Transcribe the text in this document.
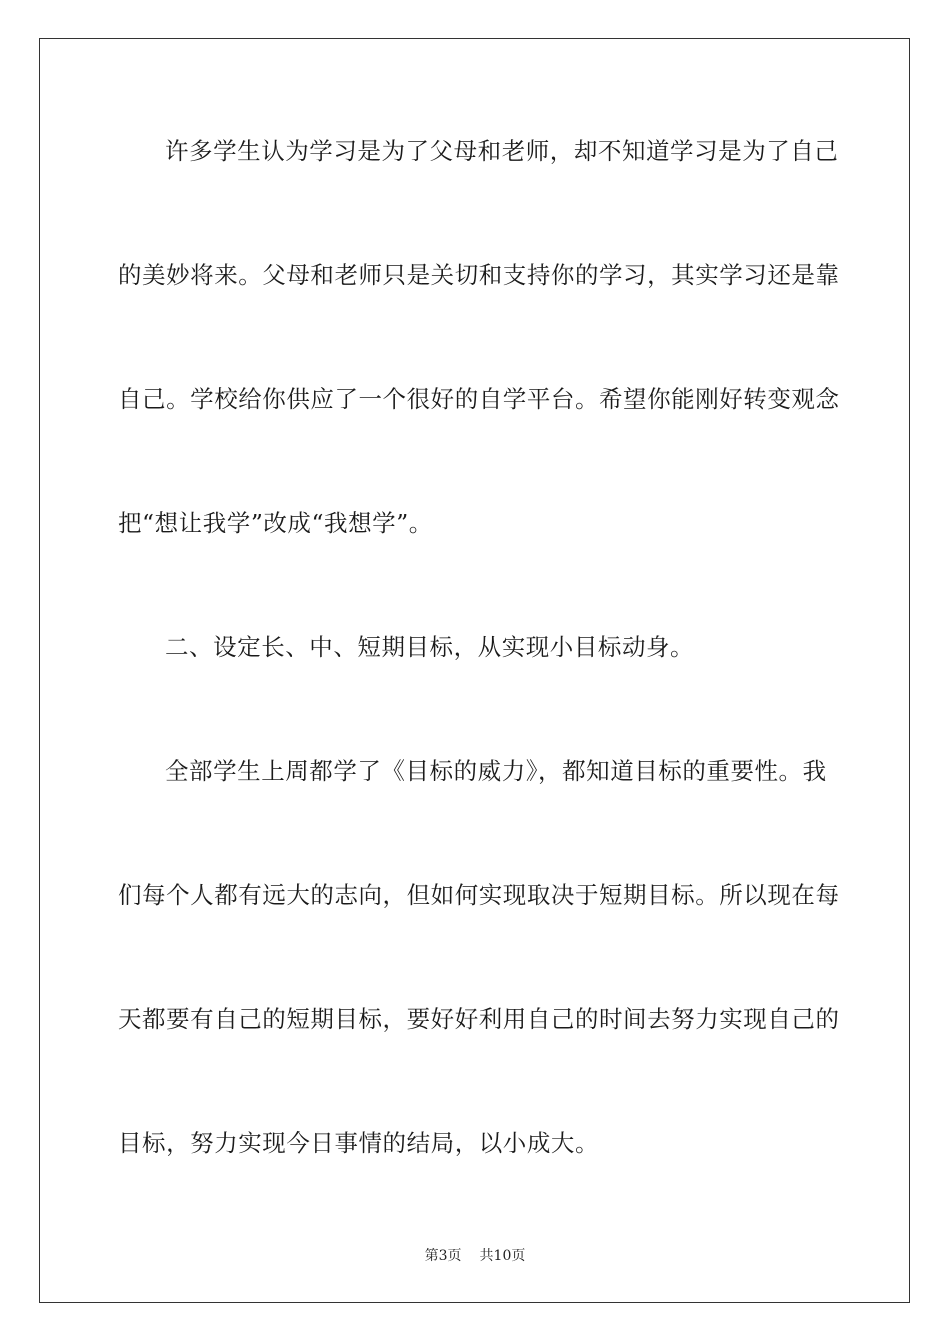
许多学生认为学习是为了父母和老师，却不知道学习是为了自己
的美妙将来。父母和老师只是关切和支持你的学习，其实学习还是靠
自己。学校给你供应了一个很好的自学平台。希望你能刚好转变观念
把“想让我学”改成“我想学”。
二、设定长、中、短期目标，从实现小目标动身。
全部学生上周都学了《目标的威力》，都知道目标的重要性。我
们每个人都有远大的志向，但如何实现取决于短期目标。所以现在每
天都要有自己的短期目标，要好好利用自己的时间去努力实现自己的
目标，努力实现今日事情的结局，以小成大。
第3页 共10页
